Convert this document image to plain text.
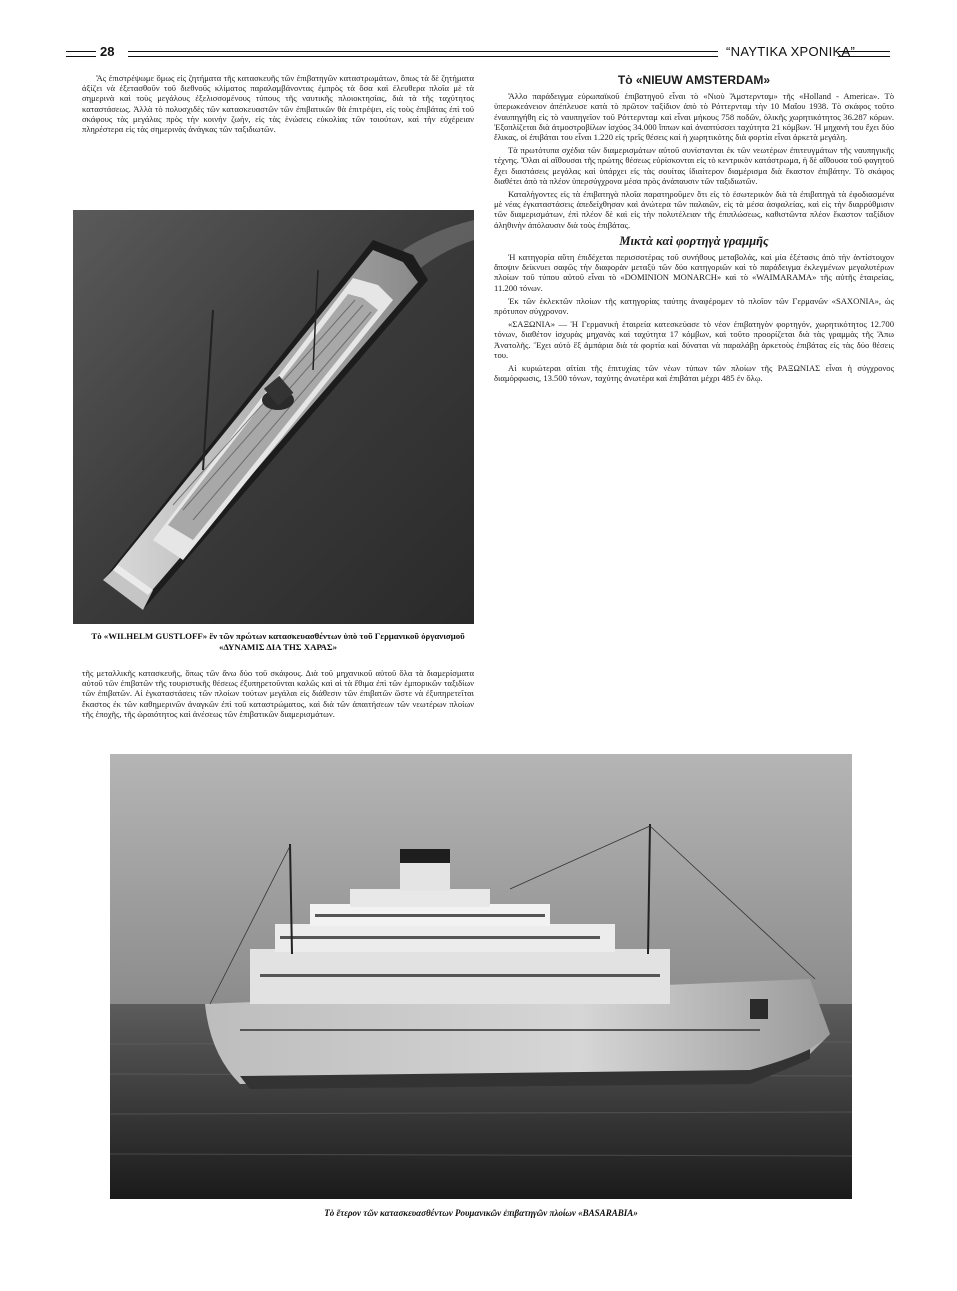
28	“ΝΑΥΤΙΚΑ ΧΡΟΝΙΚΑ”

Ἄς ἐπιστρέψωμε ὅμως εἰς ζητήματα τῆς κατασκευῆς τῶν ἐπιβατηγῶν καταστρωμάτων, ὅπως τὰ δὲ ζητήματα ἀξίζει νὰ ἐξετασθοῦν τοῦ διεθνοῦς κλίματος παραλαμβάνοντας ἐμπρὸς τὰ ὄσα καὶ ἐλευθερα πλοῖα μὲ τὰ σημερινὰ καὶ τοὺς μεγάλους ἐξελισσομένους τύπους τῆς ναυτικῆς πλοιοκτησίας, διὰ τὰ τῆς ταχύτητος καταστάσεως. Ἀλλὰ τὸ πολυσχιδὲς τῶν κατασκευαστῶν τῶν ἐπιβατικῶν θὰ ἐπιτρέψει, εἰς τοὺς ἐπιβάτας ἐπὶ τοῦ σκάφους τὰς μεγάλας πρὸς τὴν κοινὴν ζωὴν, εἰς τὰς ἑνώσεις εὐκολίας τῶν τοιούτων, καὶ τὴν εὐχέρειαν πληρέστερα εἰς τὰς σημερινὰς ἀνάγκας τῶν ταξιδιωτῶν.

Τὸ «WILHELM GUSTLOFF» ἓν τῶν πρώτων κατασκευασθέντων ὑπὸ τοῦ Γερμανικοῦ ὀργανισμοῦ «ΔΥΝΑΜΙΣ ΔΙΑ ΤΗΣ ΧΑΡΑΣ»

τῆς μεταλλικῆς κατασκευῆς, ὅπως τῶν ἄνω δύο τοῦ σκάφους. Διὰ τοῦ μηχανικοῦ αὐτοῦ ὅλα τὰ διαμερίσματα αὐτοῦ τῶν ἐπιβατῶν τῆς τουριστικῆς θέσεως ἐξυπηρετοῦνται καλῶς καὶ αἱ τὰ ἔθιμα ἐπὶ τῶν ἐμπορικῶν ταξιδίων τῶν ἐπιβατῶν. Αἱ ἐγκαταστάσεις τῶν πλοίων τούτων μεγάλαι εἰς διάθεσιν τῶν ἐπιβατῶν ὥστε νὰ ἐξυπηρετεῖται ἕκαστος ἐκ τῶν καθημερινῶν ἀναγκῶν ἐπὶ τοῦ καταστρώματος, καὶ διὰ τῶν ἀπαιτήσεων τῶν νεωτέρων πλοίων τῆς ἐποχῆς, τῆς ὡραιότητος καὶ ἀνέσεως τῶν ἐπιβατικῶν διαμερισμάτων.

Τὸ «NIEUW AMSTERDAM»

Ἄλλο παράδειγμα εὐρωπαϊκοῦ ἐπιβατηγοῦ εἶναι τὸ «Νιοὺ Ἄμστερνταμ» τῆς «Holland - America». Τὸ ὑπερωκεάνειον ἀπέπλευσε κατὰ τὸ πρῶτον ταξίδιον ἀπὸ τὸ Ρόττερνταμ τὴν 10 Μαΐου 1938. Τὸ σκάφος τοῦτο ἐναυπηγήθη εἰς τὸ ναυπηγεῖον τοῦ Ρόττερνταμ καὶ εἶναι μήκους 758 ποδῶν, ὁλικῆς χωρητικότητος 36.287 κόρων. Ἐξοπλίζεται διὰ ἀτμοστροβίλων ἰσχύος 34.000 ἵππων καὶ ἀναπτύσσει ταχύτητα 21 κόμβων. Ἡ μηχανὴ του ἔχει δύο ἕλικας, οἱ ἐπιβάται του εἶναι 1.220 εἰς τρεῖς θέσεις καὶ ἡ χωρητικότης διὰ φορτία εἶναι ἀρκετὰ μεγάλη.

Τὰ πρωτότυπα σχέδια τῶν διαμερισμάτων αὐτοῦ συνίστανται ἐκ τῶν νεωτέρων ἐπιτευγμάτων τῆς ναυπηγικῆς τέχνης. Ὅλαι αἱ αἴθουσαι τῆς πρώτης θέσεως εὑρίσκονται εἰς τὸ κεντρικὸν κατάστρωμα, ἡ δὲ αἴθουσα τοῦ φαγητοῦ ἔχει διαστάσεις μεγάλας καὶ ὑπάρχει εἰς τὰς σουίτας ἰδιαίτερον διαμέρισμα διὰ ἕκαστον ἐπιβάτην. Τὸ σκάφος διαθέτει ἀπὸ τὰ πλέον ὑπερσύγχρονα μέσα πρὸς ἀνάπαυσιν τῶν ταξιδιωτῶν.

Καταλήγοντες εἰς τὰ ἐπιβατηγὰ πλοῖα παρατηροῦμεν ὅτι εἰς τὸ ἐσωτερικὸν διὰ τὰ ἐπιβατηγὰ τὰ ἐφοδιασμένα μὲ νέας ἐγκαταστάσεις ἀπεδείχθησαν καὶ ἀνώτερα τῶν παλαιῶν, εἰς τὰ μέσα ἀσφαλείας, καὶ εἰς τὴν διαρρύθμισιν τῶν διαμερισμάτων, ἐπὶ πλέον δὲ καὶ εἰς τὴν πολυτέλειαν τῆς ἐπιπλώσεως, καθιστῶντα πλέον ἕκαστον ταξίδιον ἀληθινὴν ἀπόλαυσιν διὰ τοὺς ἐπιβάτας.

Μικτὰ καὶ φορτηγὰ γραμμῆς

Ἡ κατηγορία αὕτη ἐπιδέχεται περισσοτέρας τοῦ συνήθους μεταβολάς, καὶ μία ἐξέτασις ἀπὸ τὴν ἀντίστοιχον ἄποψιν δείκνυει σαφῶς τὴν διαφορὰν μεταξὺ τῶν δύο κατηγοριῶν καὶ τὸ παράδειγμα ἐκλεγμένων μεγαλυτέρων πλοίων τοῦ τύπου αὐτοῦ εἶναι τὸ «DOMINION MONARCH» καὶ τὸ «WAIMARAMA» τῆς αὐτῆς ἑταιρείας, 11.200 τόνων.

Ἐκ τῶν ἐκλεκτῶν πλοίων τῆς κατηγορίας ταύτης ἀναφέρομεν τὸ πλοῖον τῶν Γερμανῶν «SAXONIA», ὡς πρότυπον σύγχρονον.

«ΣΑΞΩΝΙΑ» — Ἡ Γερμανικὴ ἑταιρεία κατεσκεύασε τὸ νέον ἐπιβατηγὸν φορτηγόν, χωρητικότητος 12.700 τόνων, διαθέτον ἰσχυρὰς μηχανὰς καὶ ταχύτητα 17 κόμβων, καὶ τοῦτο προορίζεται διὰ τὰς γραμμὰς τῆς Ἄπω Ἀνατολῆς. Ἔχει αὐτὸ ἓξ ἀμπάρια διὰ τὰ φορτία καὶ δύναται νὰ παραλάβῃ ἀρκετοὺς ἐπιβάτας εἰς τὰς δύο θέσεις του.

Αἱ κυριώτεραι αἰτίαι τῆς ἐπιτυχίας τῶν νέων τύπων τῶν πλοίων τῆς PAΞΩΝΙΑΣ εἶναι ἡ σύγχρονος διαμόρφωσις, 13.500 τόνων, ταχύτης ἀνωτέρα καὶ ἐπιβάται μέχρι 485 ἐν ὅλῳ.

Τὸ ἕτερον τῶν κατασκευασθέντων Ρουμανικῶν ἐπιβατηγῶν πλοίων «BASARABIA»
